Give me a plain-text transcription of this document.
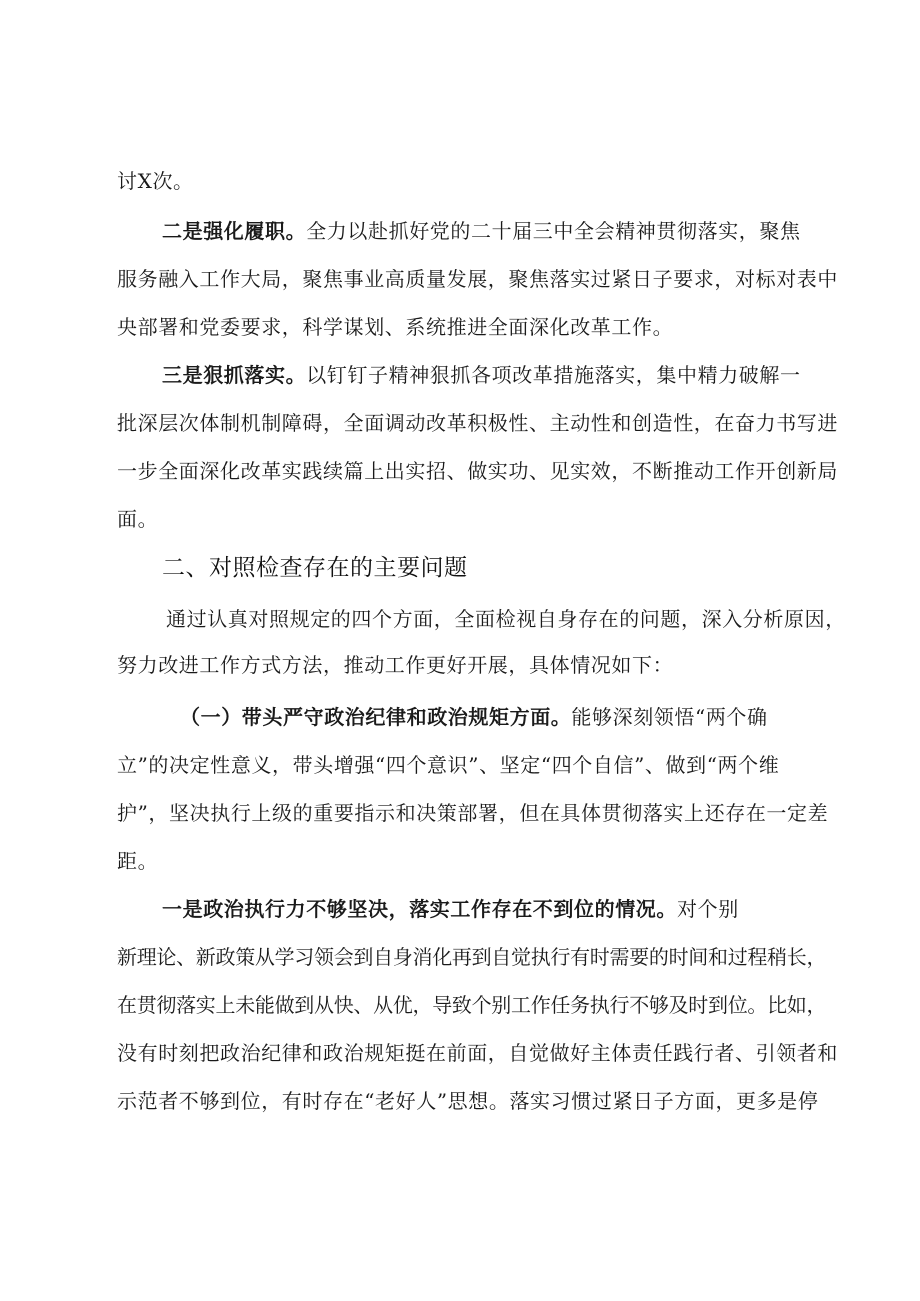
讨X次。
二是强化履职。全力以赴抓好党的二十届三中全会精神贯彻落实，聚焦
服务融入工作大局，聚焦事业高质量发展，聚焦落实过紧日子要求，对标对表中
央部署和党委要求，科学谋划、系统推进全面深化改革工作。
三是狠抓落实。以钉钉子精神狠抓各项改革措施落实，集中精力破解一
批深层次体制机制障碍，全面调动改革积极性、主动性和创造性，在奋力书写进
一步全面深化改革实践续篇上出实招、做实功、见实效，不断推动工作开创新局
面。
二、对照检查存在的主要问题
通过认真对照规定的四个方面，全面检视自身存在的问题，深入分析原因，
努力改进工作方式方法，推动工作更好开展，具体情况如下：
（一）带头严守政治纪律和政治规矩方面。能够深刻领悟“两个确
立”的决定性意义，带头增强“四个意识”、坚定“四个自信”、做到“两个维
护”，坚决执行上级的重要指示和决策部署，但在具体贯彻落实上还存在一定差
距。
一是政治执行力不够坚决，落实工作存在不到位的情况。对个别
新理论、新政策从学习领会到自身消化再到自觉执行有时需要的时间和过程稍长，
在贯彻落实上未能做到从快、从优，导致个别工作任务执行不够及时到位。比如，
没有时刻把政治纪律和政治规矩挺在前面，自觉做好主体责任践行者、引领者和
示范者不够到位，有时存在“老好人”思想。落实习惯过紧日子方面，更多是停
